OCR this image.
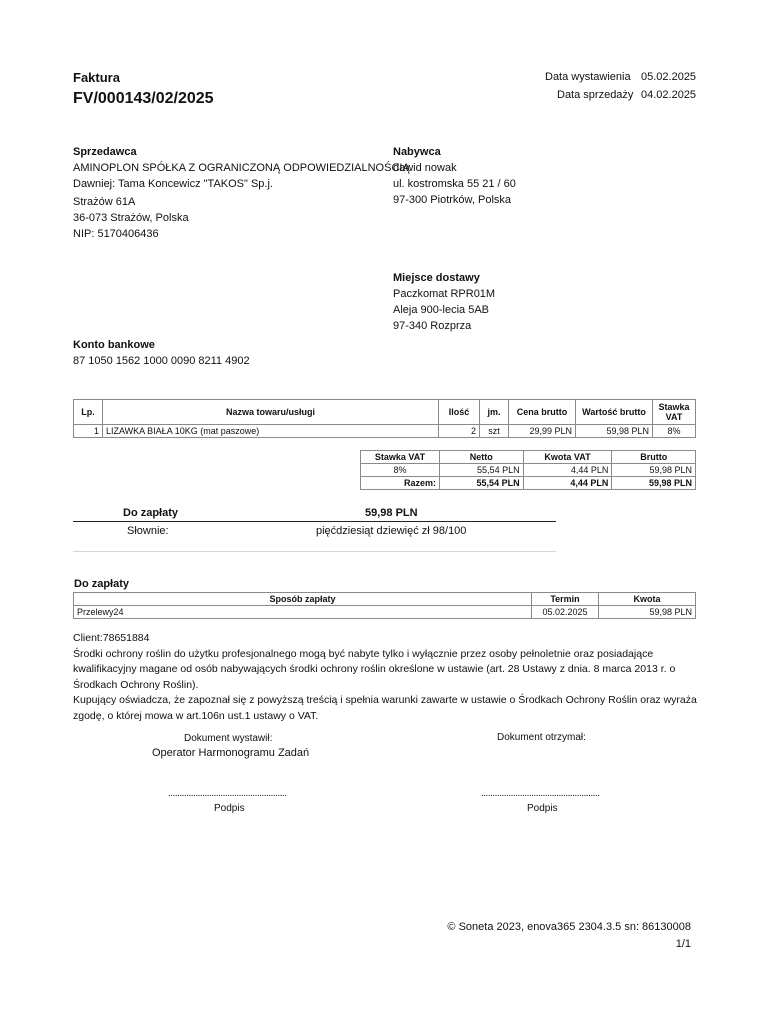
Faktura
FV/000143/02/2025
Data wystawienia 05.02.2025
Data sprzedaży 04.02.2025
Sprzedawca
AMINOPLON SPÓŁKA Z OGRANICZONĄ ODPOWIEDZIALNOŚCIĄ
Dawniej: Tama Koncewicz "TAKOS" Sp.j.
Strażów 61A
36-073 Strażów, Polska
NIP: 5170406436
Nabywca
dawid nowak
ul. kostromska 55 21 / 60
97-300 Piotrków, Polska
Miejsce dostawy
Paczkomat RPR01M
Aleja 900-lecia 5AB
97-340 Rozprza
Konto bankowe
87 1050 1562 1000 0090 8211 4902
Lp.	Nazwa towaru/usługi	Ilość	jm.	Cena brutto	Wartość brutto	Stawka VAT
1	LIZAWKA BIAŁA 10KG (mat paszowe)	2	szt	29,99 PLN	59,98 PLN	8%
Stawka VAT	Netto	Kwota VAT	Brutto
8%	55,54 PLN	4,44 PLN	59,98 PLN
Razem:	55,54 PLN	4,44 PLN	59,98 PLN
Do zapłaty	59,98 PLN
Słownie:	pięćdziesiąt dziewięć zł 98/100
Do zapłaty
Sposób zapłaty	Termin	Kwota
Przelewy24	05.02.2025	59,98 PLN
Client:78651884
Środki ochrony roślin do użytku profesjonalnego mogą być nabyte tylko i wyłącznie przez osoby pełnoletnie oraz posiadające kwalifikacyjny magane od osób nabywających środki ochrony roślin określone w ustawie (art. 28 Ustawy z dnia. 8 marca 2013 r. o Środkach Ochrony Roślin).
Kupujący oświadcza, że zapoznał się z powyższą treścią i spełnia warunki zawarte w ustawie o Środkach Ochrony Roślin oraz wyraża zgodę, o której mowa w art.106n ust.1 ustawy o VAT.
Dokument wystawił:
Operator Harmonogramu Zadań
Dokument otrzymał:
....................................................
Podpis
....................................................
Podpis
© Soneta 2023, enova365 2304.3.5 sn: 86130008
1/1
